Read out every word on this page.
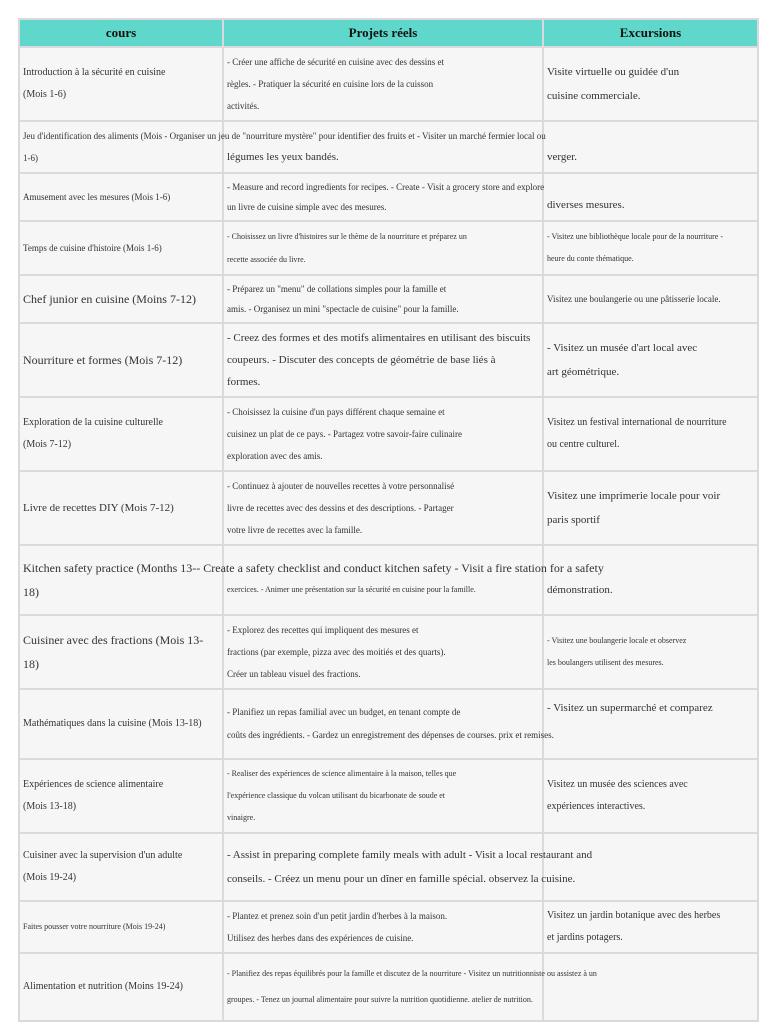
cours	Projets réels	Excursions

Introduction à la sécurité en cuisine
(Mois 1-6)	- Créer une affiche de sécurité en cuisine avec des dessins et
règles. - Pratiquer la sécurité en cuisine lors de la cuisson
activités.	Visite virtuelle ou guidée d'un
cuisine commerciale.

Jeu d'identification des aliments (Mois - Organiser un jeu de "nourriture mystère" pour identifier des fruits et - Visiter un marché fermier local ou
1-6)	légumes les yeux bandés.	verger.

Amusement avec les mesures (Mois 1-6)	- Measure and record ingredients for recipes. - Create - Visit a grocery store and explore
un livre de cuisine simple avec des mesures.	diverses mesures.

Temps de cuisine d'histoire (Mois 1-6)	- Choisissez un livre d'histoires sur le thème de la nourriture et préparez un
recette associée du livre.	- Visitez une bibliothèque locale pour de la nourriture -
heure du conte thématique.

Chef junior en cuisine (Moins 7-12)	- Préparez un "menu" de collations simples pour la famille et
amis. - Organisez un mini "spectacle de cuisine" pour la famille.	Visitez une boulangerie ou une pâtisserie locale.

Nourriture et formes (Mois 7-12)	- Creez des formes et des motifs alimentaires en utilisant des biscuits
coupeurs. - Discuter des concepts de géométrie de base liés à
formes.	- Visitez un musée d'art local avec
art géométrique.

Exploration de la cuisine culturelle
(Mois 7-12)	- Choisissez la cuisine d'un pays différent chaque semaine et
cuisinez un plat de ce pays. - Partagez votre savoir-faire culinaire
exploration avec des amis.	Visitez un festival international de nourriture
ou centre culturel.

Livre de recettes DIY (Mois 7-12)	- Continuez à ajouter de nouvelles recettes à votre personnalisé
livre de recettes avec des dessins et des descriptions. - Partager
votre livre de recettes avec la famille.	Visitez une imprimerie locale pour voir
paris sportif

Kitchen safety practice (Months 13-- Create a safety checklist and conduct kitchen safety - Visit a fire station for a safety
18)	exercices. - Animer une présentation sur la sécurité en cuisine pour la famille.	démonstration.

Cuisiner avec des fractions (Mois 13-
18)	- Explorez des recettes qui impliquent des mesures et
fractions (par exemple, pizza avec des moitiés et des quarts).
Créer un tableau visuel des fractions.	- Visitez une boulangerie locale et observez
les boulangers utilisent des mesures.

Mathématiques dans la cuisine (Mois 13-18)	- Planifiez un repas familial avec un budget, en tenant compte de
coûts des ingrédients. - Gardez un enregistrement des dépenses de courses. prix et remises.	- Visitez un supermarché et comparez

Expériences de science alimentaire
(Mois 13-18)	- Realiser des expériences de science alimentaire à la maison, telles que
l'expérience classique du volcan utilisant du bicarbonate de soude et
vinaigre.	Visitez un musée des sciences avec
expériences interactives.

Cuisiner avec la supervision d'un adulte
(Mois 19-24)	- Assist in preparing complete family meals with adult - Visit a local restaurant and
conseils. - Créez un menu pour un dîner en famille spécial. observez la cuisine.	

Faites pousser votre nourriture (Mois 19-24)	- Plantez et prenez soin d'un petit jardin d'herbes à la maison.
Utilisez des herbes dans des expériences de cuisine.	Visitez un jardin botanique avec des herbes
et jardins potagers.

Alimentation et nutrition (Moins 19-24)	- Planifiez des repas équilibrés pour la famille et discutez de la nourriture - Visitez un nutritionniste ou assistez à un
groupes. - Tenez un journal alimentaire pour suivre la nutrition quotidienne. atelier de nutrition.	
